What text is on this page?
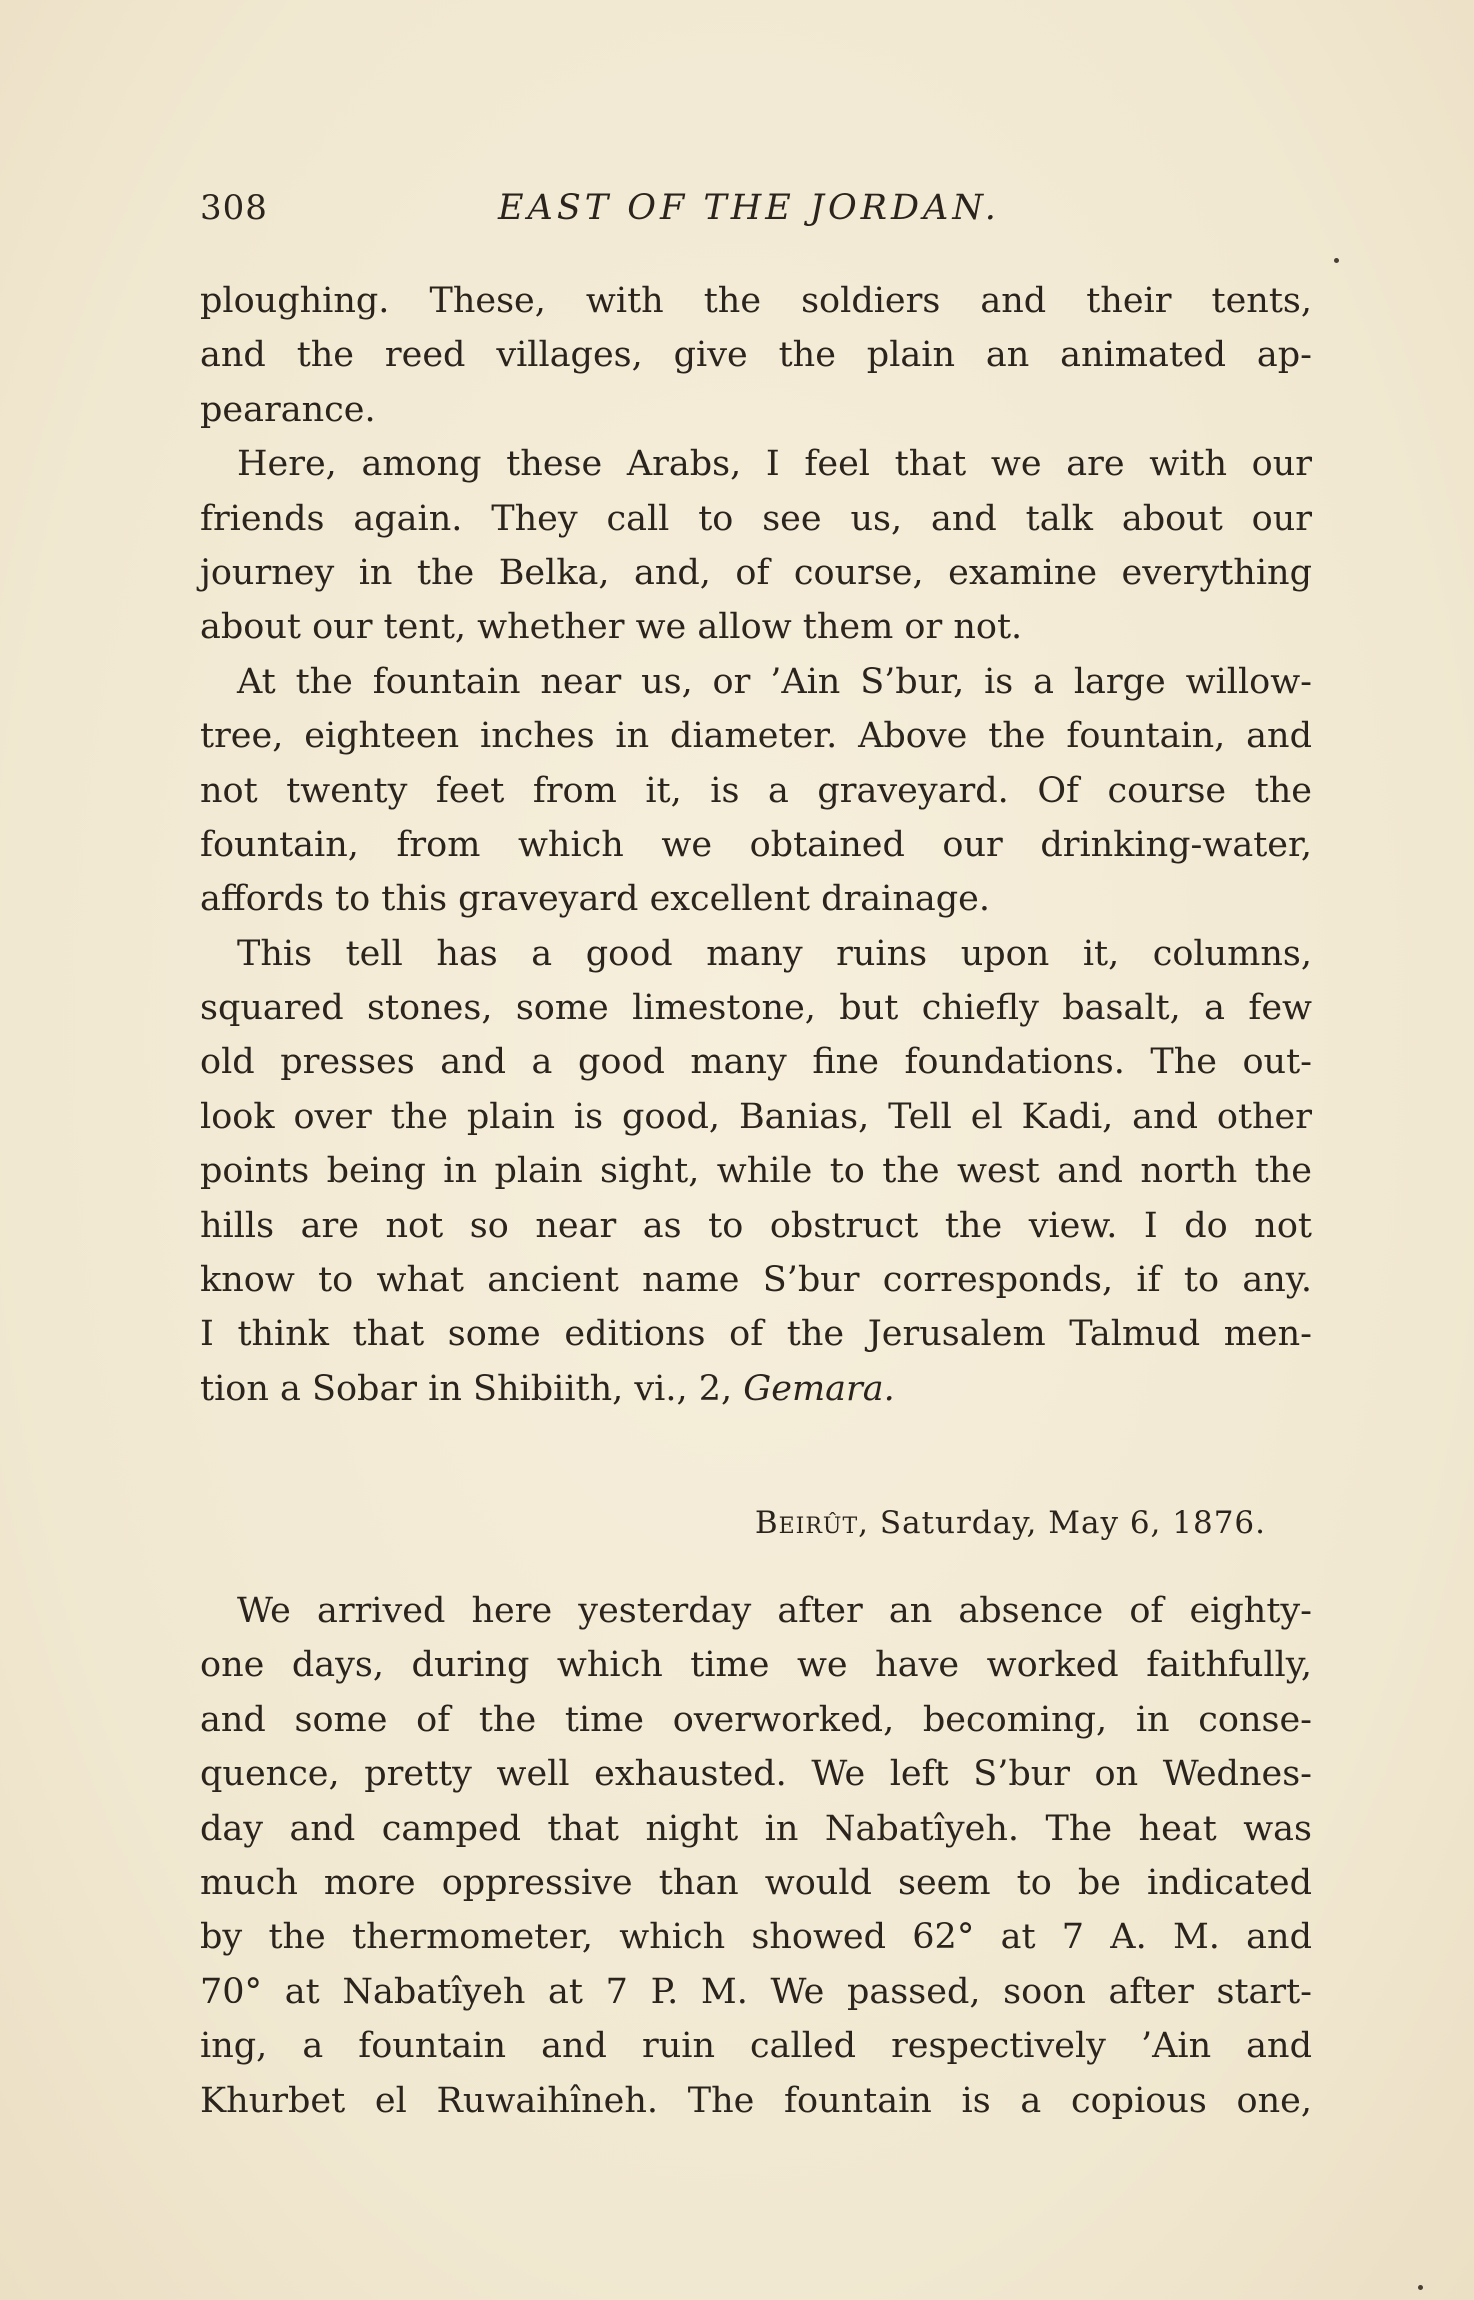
308	EAST OF THE JORDAN.
ploughing. These, with the soldiers and their tents,
and the reed villages, give the plain an animated ap-
pearance.
Here, among these Arabs, I feel that we are with our
friends again. They call to see us, and talk about our
journey in the Belka, and, of course, examine everything
about our tent, whether we allow them or not.
At the fountain near us, or ’Ain S’bur, is a large willow-
tree, eighteen inches in diameter. Above the fountain, and
not twenty feet from it, is a graveyard. Of course the
fountain, from which we obtained our drinking-water,
affords to this graveyard excellent drainage.
This tell has a good many ruins upon it, columns,
squared stones, some limestone, but chiefly basalt, a few
old presses and a good many fine foundations. The out-
look over the plain is good, Banias, Tell el Kadi, and other
points being in plain sight, while to the west and north the
hills are not so near as to obstruct the view. I do not
know to what ancient name S’bur corresponds, if to any.
I think that some editions of the Jerusalem Talmud men-
tion a Sobar in Shibiith, vi., 2, Gemara.
Beirût, Saturday, May 6, 1876.
We arrived here yesterday after an absence of eighty-
one days, during which time we have worked faithfully,
and some of the time overworked, becoming, in conse-
quence, pretty well exhausted. We left S’bur on Wednes-
day and camped that night in Nabatîyeh. The heat was
much more oppressive than would seem to be indicated
by the thermometer, which showed 62° at 7 A. M. and
70° at Nabatîyeh at 7 P. M. We passed, soon after start-
ing, a fountain and ruin called respectively ’Ain and
Khurbet el Ruwaihîneh. The fountain is a copious one,
